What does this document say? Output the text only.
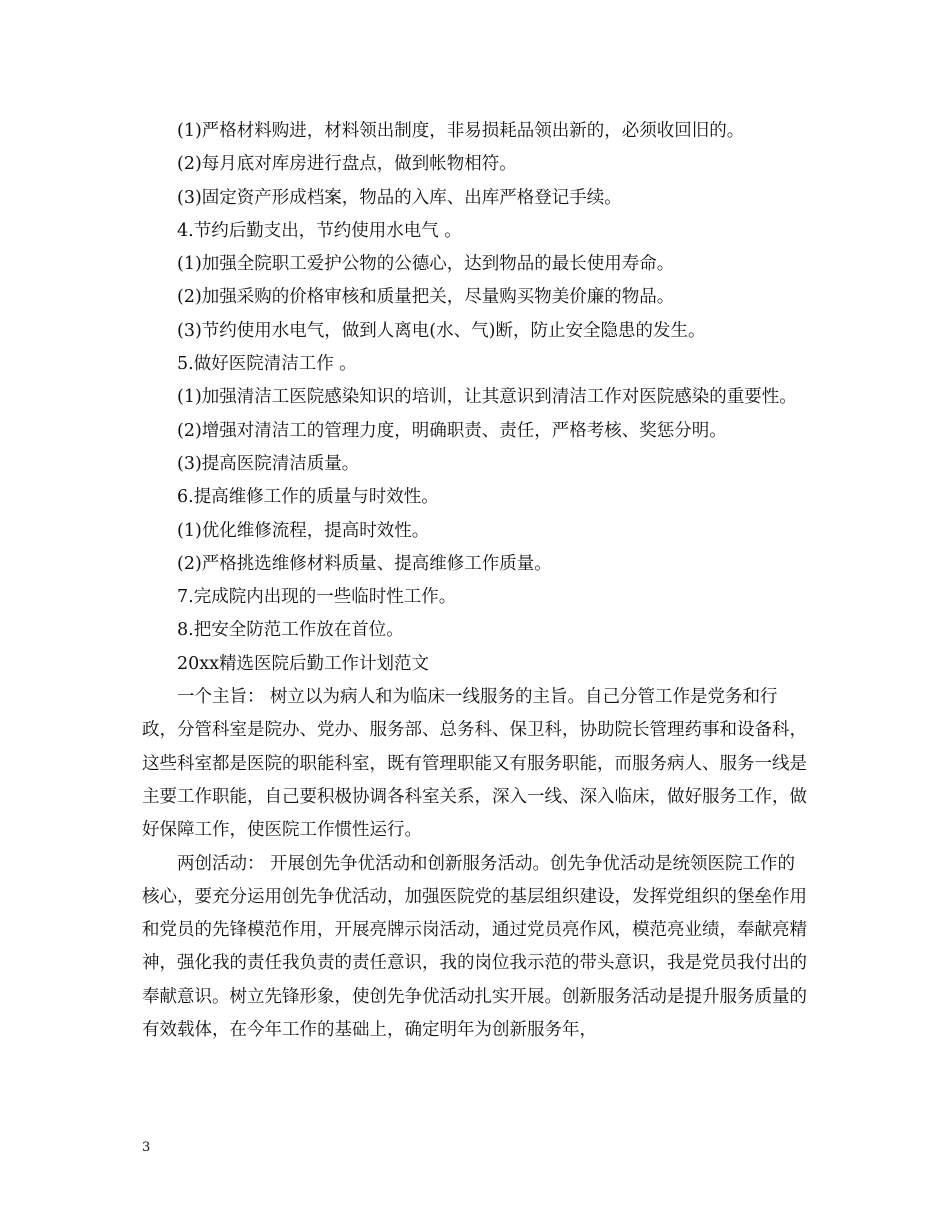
(1)严格材料购进，材料领出制度，非易损耗品领出新的，必须收回旧的。

(2)每月底对库房进行盘点，做到帐物相符。

(3)固定资产形成档案，物品的入库、出库严格登记手续。

4.节约后勤支出，节约使用水电气 。

(1)加强全院职工爱护公物的公德心，达到物品的最长使用寿命。

(2)加强采购的价格审核和质量把关，尽量购买物美价廉的物品。

(3)节约使用水电气，做到人离电(水、气)断，防止安全隐患的发生。

5.做好医院清洁工作 。

(1)加强清洁工医院感染知识的培训，让其意识到清洁工作对医院感染的重要性。

(2)增强对清洁工的管理力度，明确职责、责任，严格考核、奖惩分明。

(3)提高医院清洁质量。

6.提高维修工作的质量与时效性。

(1)优化维修流程，提高时效性。

(2)严格挑选维修材料质量、提高维修工作质量。

7.完成院内出现的一些临时性工作。

8.把安全防范工作放在首位。

20xx精选医院后勤工作计划范文

一个主旨： 树立以为病人和为临床一线服务的主旨。自己分管工作是党务和行政，分管科室是院办、党办、服务部、总务科、保卫科，协助院长管理药事和设备科，这些科室都是医院的职能科室，既有管理职能又有服务职能，而服务病人、服务一线是主要工作职能，自己要积极协调各科室关系，深入一线、深入临床，做好服务工作，做好保障工作，使医院工作惯性运行。

两创活动： 开展创先争优活动和创新服务活动。创先争优活动是统领医院工作的核心，要充分运用创先争优活动，加强医院党的基层组织建设，发挥党组织的堡垒作用和党员的先锋模范作用，开展亮牌示岗活动，通过党员亮作风，模范亮业绩，奉献亮精神，强化我的责任我负责的责任意识，我的岗位我示范的带头意识，我是党员我付出的奉献意识。树立先锋形象，使创先争优活动扎实开展。创新服务活动是提升服务质量的有效载体，在今年工作的基础上，确定明年为创新服务年，

3
